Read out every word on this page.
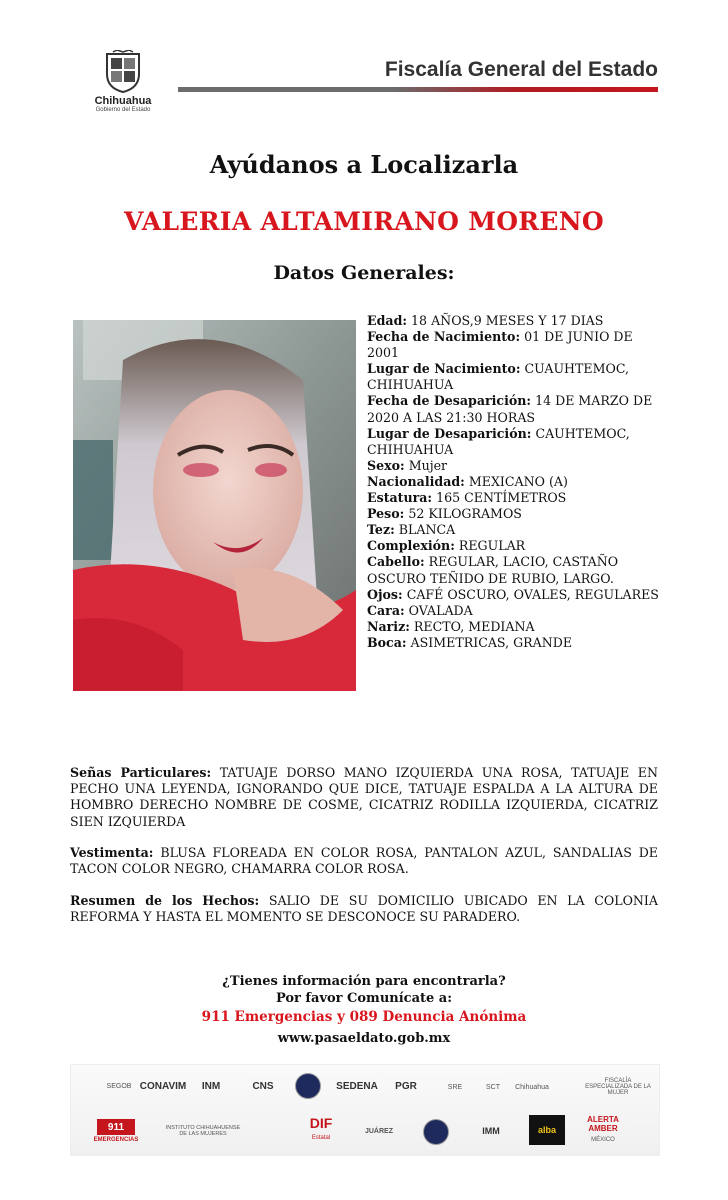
Chihuahua
Gobierno del Estado
Fiscalía General del Estado
Ayúdanos a Localizarla
VALERIA ALTAMIRANO MORENO
Datos Generales:
Edad: 18 AÑOS,9 MESES Y 17 DIAS
Fecha de Nacimiento: 01 DE JUNIO DE 2001
Lugar de Nacimiento: CUAUHTEMOC, CHIHUAHUA
Fecha de Desaparición: 14 DE MARZO DE 2020 A LAS 21:30 HORAS
Lugar de Desaparición: CAUHTEMOC, CHIHUAHUA
Sexo: Mujer
Nacionalidad: MEXICANO (A)
Estatura: 165 CENTÍMETROS
Peso: 52 KILOGRAMOS
Tez: BLANCA
Complexión: REGULAR
Cabello: REGULAR, LACIO, CASTAÑO OSCURO TEÑIDO DE RUBIO, LARGO.
Ojos: CAFÉ OSCURO, OVALES, REGULARES
Cara: OVALADA
Nariz: RECTO, MEDIANA
Boca: ASIMETRICAS, GRANDE
Señas Particulares: TATUAJE DORSO MANO IZQUIERDA UNA ROSA, TATUAJE EN PECHO UNA LEYENDA, IGNORANDO QUE DICE, TATUAJE ESPALDA A LA ALTURA DE HOMBRO DERECHO NOMBRE DE COSME, CICATRIZ RODILLA IZQUIERDA, CICATRIZ SIEN IZQUIERDA
Vestimenta: BLUSA FLOREADA EN COLOR ROSA, PANTALON AZUL, SANDALIAS DE TACON COLOR NEGRO, CHAMARRA COLOR ROSA.
Resumen de los Hechos: SALIO DE SU DOMICILIO UBICADO EN LA COLONIA REFORMA Y HASTA EL MOMENTO SE DESCONOCE SU PARADERO.
¿Tienes información para encontrarla?
Por favor Comunícate a:
911 Emergencias y 089 Denuncia Anónima
www.pasaeldato.gob.mx
SEGOB CONAVIM	INM	CNS	SEDENA	PGR	SRE	SCT	Chihuahua
FISCALÍA ESPECIALIZADA DE LA MUJER
911
EMERGENCIAS
INSTITUTO CHIHUAHUENSE DE LAS MUJERES
DIF
Estatal
JUÁREZ	IMM	alba
ALERTA AMBER
MÉXICO
